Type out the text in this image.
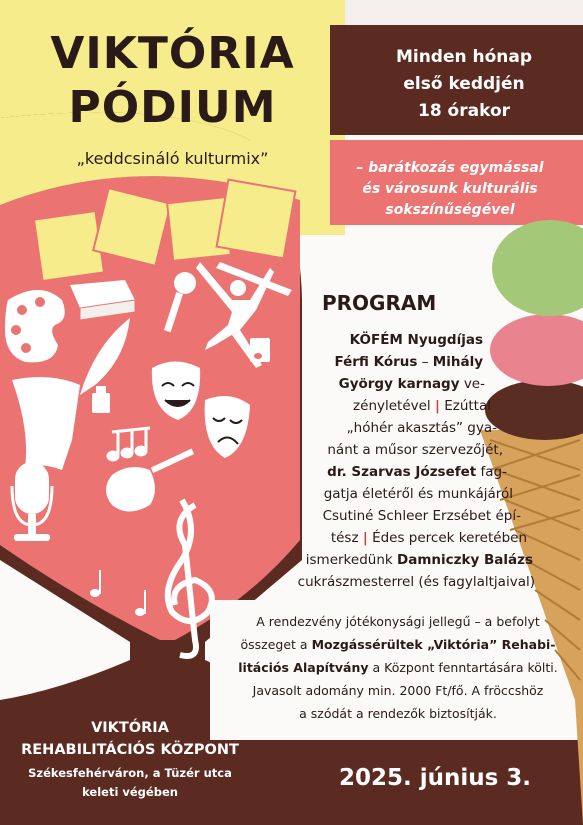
VIKTÓRIA
PÓDIUM
„keddcsináló kulturmix”
Minden hónap
első keddjén
18 órakor
– barátkozás egymással
és városunk kulturális
sokszínűségével
PROGRAM
KÖFÉM Nyugdíjas
Férfi Kórus – Mihály
György karnagy ve-
zényletével | Ezúttal
„hóhér akasztás” gya-
nánt a műsor szervezőjét,
dr. Szarvas Józsefet fag-
gatja életéről és munkájáról
Csutiné Schleer Erzsébet épí-
tész | Édes percek keretében
ismerkedünk Damniczky Balázs
cukrászmesterrel (és fagylaltjaival)
A rendezvény jótékonysági jellegű – a befolyt
összeget a Mozgássérültek „Viktória” Rehabi-
litációs Alapítvány a Központ fenntartására költi.
Javasolt adomány min. 2000 Ft/fő. A fröccshöz
a szódát a rendezők biztosítják.
VIKTÓRIA
REHABILITÁCIÓS KÖZPONT
Székesfehérváron, a Tüzér utca
keleti végében
2025. június 3.
